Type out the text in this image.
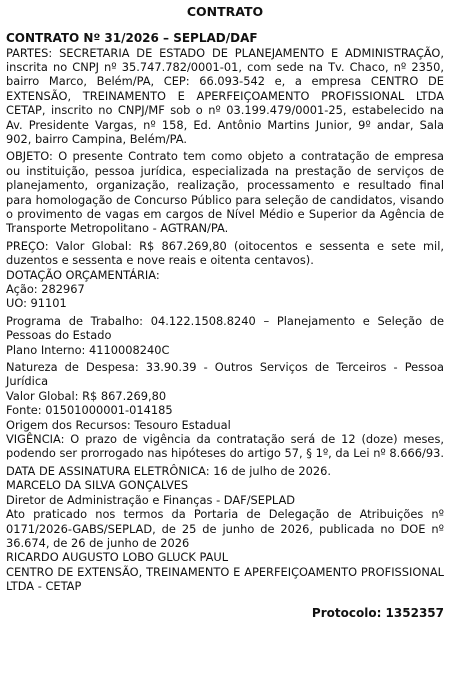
CONTRATO
CONTRATO Nº 31/2026 – SEPLAD/DAF

PARTES: SECRETARIA DE ESTADO DE PLANEJAMENTO E ADMINISTRAÇÃO, inscrita no CNPJ nº 35.747.782/0001-01, com sede na Tv. Chaco, nº 2350, bairro Marco, Belém/PA, CEP: 66.093-542 e, a empresa CENTRO DE EXTENSÃO, TREINAMENTO E APERFEIÇOAMENTO PROFISSIONAL LTDA CETAP, inscrito no CNPJ/MF sob o nº 03.199.479/0001-25, estabelecido na Av. Presidente Vargas, nº 158, Ed. Antônio Martins Junior, 9º andar, Sala 902, bairro Campina, Belém/PA.

OBJETO: O presente Contrato tem como objeto a contratação de empresa ou instituição, pessoa jurídica, especializada na prestação de serviços de planejamento, organização, realização, processamento e resultado final para homologação de Concurso Público para seleção de candidatos, visando o provimento de vagas em cargos de Nível Médio e Superior da Agência de Transporte Metropolitano - AGTRAN/PA.

PREÇO: Valor Global: R$ 867.269,80 (oitocentos e sessenta e sete mil, duzentos e sessenta e nove reais e oitenta centavos).

DOTAÇÃO ORÇAMENTÁRIA:

Ação: 282967

UO: 91101

Programa de Trabalho: 04.122.1508.8240 – Planejamento e Seleção de Pessoas do Estado

Plano Interno: 4110008240C

Natureza de Despesa: 33.90.39 - Outros Serviços de Terceiros - Pessoa Jurídica

Valor Global: R$ 867.269,80

Fonte: 01501000001-014185

Origem dos Recursos: Tesouro Estadual

VIGÊNCIA: O prazo de vigência da contratação será de 12 (doze) meses, podendo ser prorrogado nas hipóteses do artigo 57, § 1º, da Lei nº 8.666/93.

DATA DE ASSINATURA ELETRÔNICA: 16 de julho de 2026.

MARCELO DA SILVA GONÇALVES

Diretor de Administração e Finanças - DAF/SEPLAD

Ato praticado nos termos da Portaria de Delegação de Atribuições nº 0171/2026-GABS/SEPLAD, de 25 de junho de 2026, publicada no DOE nº 36.674, de 26 de junho de 2026

RICARDO AUGUSTO LOBO GLUCK PAUL

CENTRO DE EXTENSÃO, TREINAMENTO E APERFEIÇOAMENTO PROFISSIONAL LTDA - CETAP

Protocolo: 1352357
